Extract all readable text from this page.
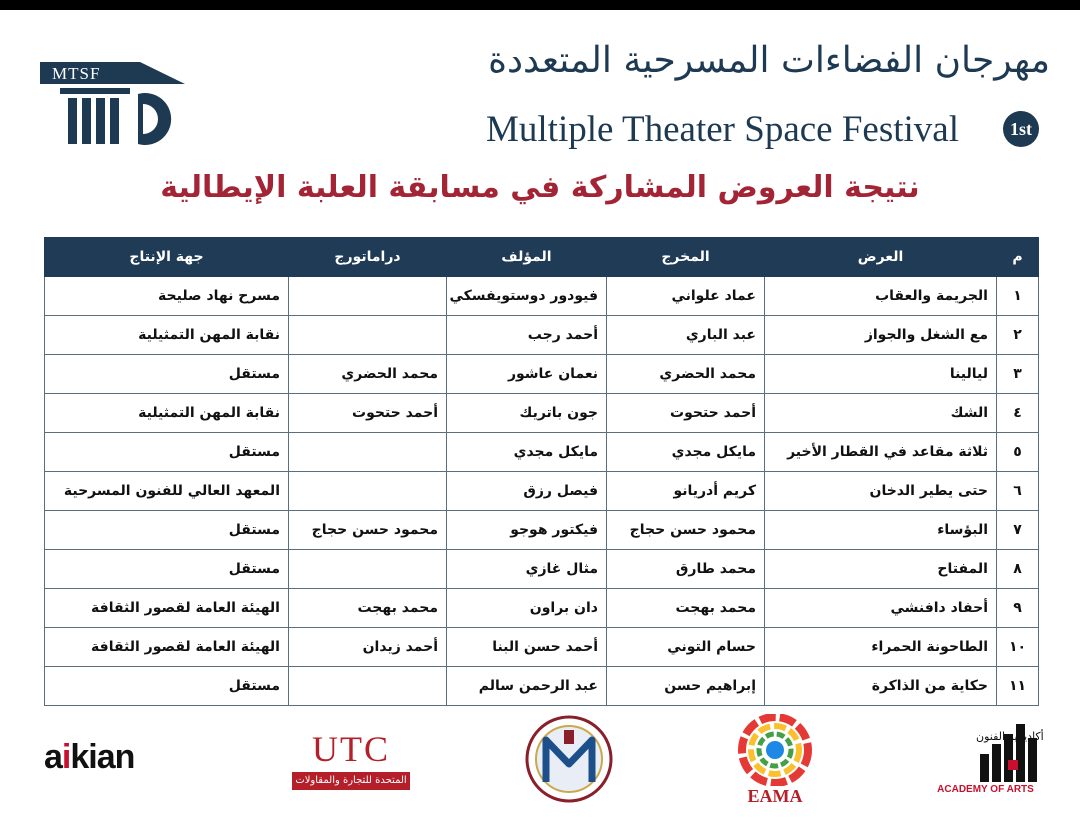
MTSF	مهرجان الفضاءات المسرحية المتعددة
Multiple Theater Space Festival	1st
نتيجة العروض المشاركة في مسابقة العلبة الإيطالية
م	العرض	المخرج	المؤلف	دراماتورج	جهة الإنتاج
١	الجريمة والعقاب	عماد علواني	فيودور دوستويفسكي		مسرح نهاد صليحة
٢	مع الشغل والجواز	عبد الباري	أحمد رجب		نقابة المهن التمثيلية
٣	ليالينا	محمد الحضري	نعمان عاشور	محمد الحضري	مستقل
٤	الشك	أحمد حتحوت	جون باتريك	أحمد حتحوت	نقابة المهن التمثيلية
٥	ثلاثة مقاعد في القطار الأخير	مايكل مجدي	مايكل مجدي		مستقل
٦	حتى يطير الدخان	كريم أدريانو	فيصل رزق		المعهد العالي للفنون المسرحية
٧	البؤساء	محمود حسن حجاج	فيكتور هوجو	محمود حسن حجاج	مستقل
٨	المفتاح	محمد طارق	مثال غازي		مستقل
٩	أحفاد دافنشي	محمد بهجت	دان براون	محمد بهجت	الهيئة العامة لقصور الثقافة
١٠	الطاحونة الحمراء	حسام التوني	أحمد حسن البنا	أحمد زيدان	الهيئة العامة لقصور الثقافة
١١	حكاية من الذاكرة	إبراهيم حسن	عبد الرحمن سالم		مستقل
aikian	UTC
المتحدة للتجارة والمقاولات
EAMA
أكاديمية الفنون
ACADEMY OF ARTS
